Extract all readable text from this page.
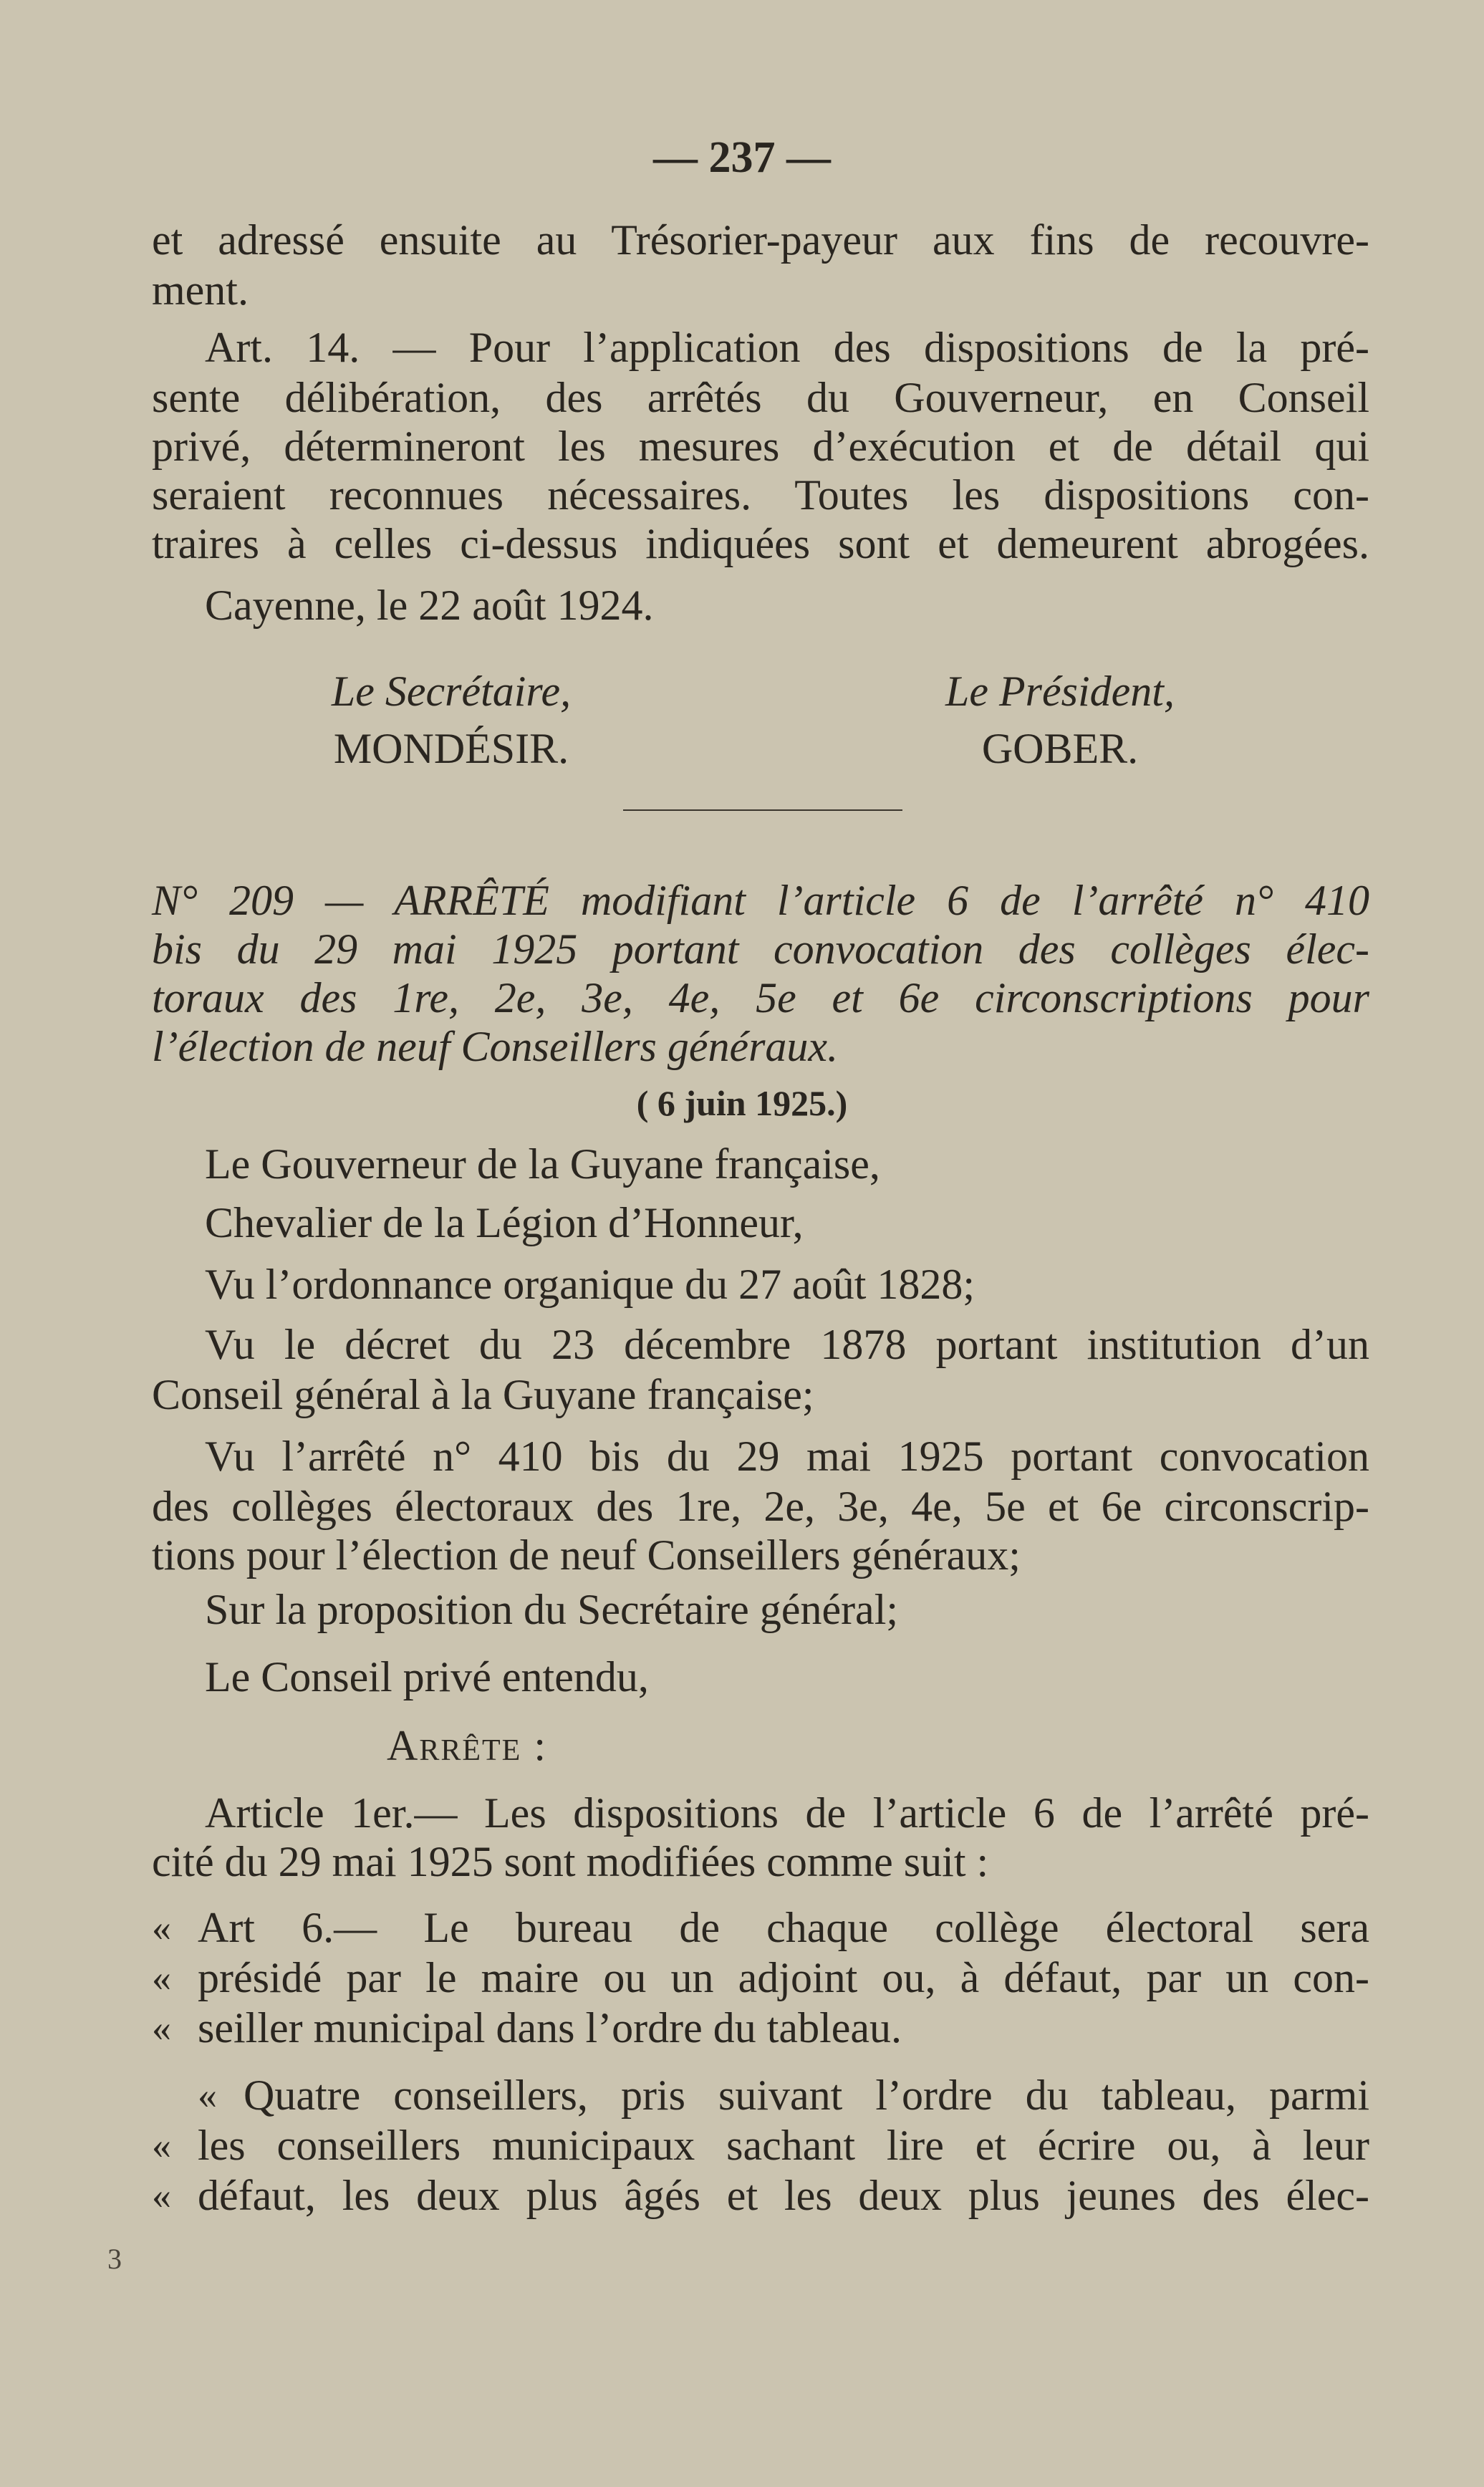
— 237 —
et adressé ensuite au Trésorier-payeur aux fins de recouvre-
ment.
Art. 14. — Pour l’application des dispositions de la pré-
sente délibération, des arrêtés du Gouverneur, en Conseil
privé, détermineront les mesures d’exécution et de détail qui
seraient reconnues nécessaires. Toutes les dispositions con-
traires à celles ci-dessus indiquées sont et demeurent abrogées.
Cayenne, le 22 août 1924.
Le Secrétaire,
MONDÉSIR.
Le Président,
GOBER.
N° 209 — ARRÊTÉ modifiant l’article 6 de l’arrêté n° 410
bis du 29 mai 1925 portant convocation des collèges élec-
toraux des 1re, 2e, 3e, 4e, 5e et 6e circonscriptions pour
l’élection de neuf Conseillers généraux.
( 6 juin 1925.)
Le Gouverneur de la Guyane française,
Chevalier de la Légion d’Honneur,
Vu l’ordonnance organique du 27 août 1828;
Vu le décret du 23 décembre 1878 portant institution d’un
Conseil général à la Guyane française;
Vu l’arrêté n° 410 bis du 29 mai 1925 portant convocation
des collèges électoraux des 1re, 2e, 3e, 4e, 5e et 6e circonscrip-
tions pour l’élection de neuf Conseillers généraux;
Sur la proposition du Secrétaire général;
Le Conseil privé entendu,
Arrête :
Article 1er.— Les dispositions de l’article 6 de l’arrêté pré-
cité du 29 mai 1925 sont modifiées comme suit :
« Art 6.— Le bureau de chaque collège électoral sera
« présidé par le maire ou un adjoint ou, à défaut, par un con-
« seiller municipal dans l’ordre du tableau.
« Quatre conseillers, pris suivant l’ordre du tableau, parmi
« les conseillers municipaux sachant lire et écrire ou, à leur
« défaut, les deux plus âgés et les deux plus jeunes des élec-
3
